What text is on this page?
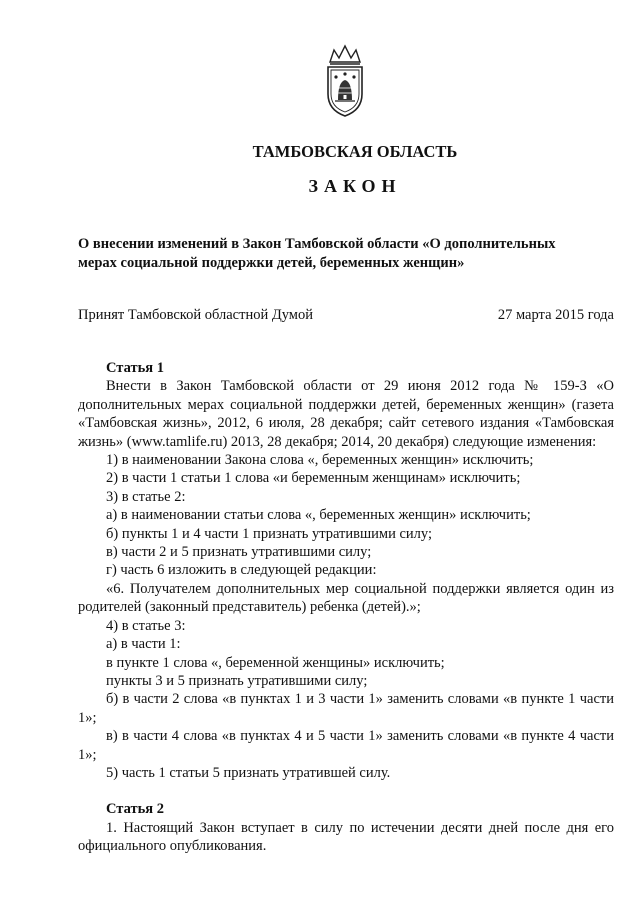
ТАМБОВСКАЯ ОБЛАСТЬ
ЗАКОН
О внесении изменений в Закон Тамбовской области «О дополнительных
мерах социальной поддержки детей, беременных женщин»
Принят Тамбовской областной Думой	27 марта 2015 года
Статья 1
Внести в Закон Тамбовской области от 29 июня 2012 года № 159-З «О дополнительных мерах социальной поддержки детей, беременных женщин» (газета «Тамбовская жизнь», 2012, 6 июля, 28 декабря; сайт сетевого издания «Тамбовская жизнь» (www.tamlife.ru) 2013, 28 декабря; 2014, 20 декабря) следующие изменения:
1) в наименовании Закона слова «, беременных женщин» исключить;
2) в части 1 статьи 1 слова «и беременным женщинам» исключить;
3) в статье 2:
а) в наименовании статьи слова «, беременных женщин» исключить;
б) пункты 1 и 4 части 1 признать утратившими силу;
в) части 2 и 5 признать утратившими силу;
г) часть 6 изложить в следующей редакции:
«6. Получателем дополнительных мер социальной поддержки является один из родителей (законный представитель) ребенка (детей).»;
4) в статье 3:
а) в части 1:
в пункте 1 слова «, беременной женщины» исключить;
пункты 3 и 5 признать утратившими силу;
б) в части 2 слова «в пунктах 1 и 3 части 1» заменить словами «в пункте 1 части 1»;
в) в части 4 слова «в пунктах 4 и 5 части 1» заменить словами «в пункте 4 части 1»;
5) часть 1 статьи 5 признать утратившей силу.
Статья 2
1. Настоящий Закон вступает в силу по истечении десяти дней после дня его официального опубликования.
